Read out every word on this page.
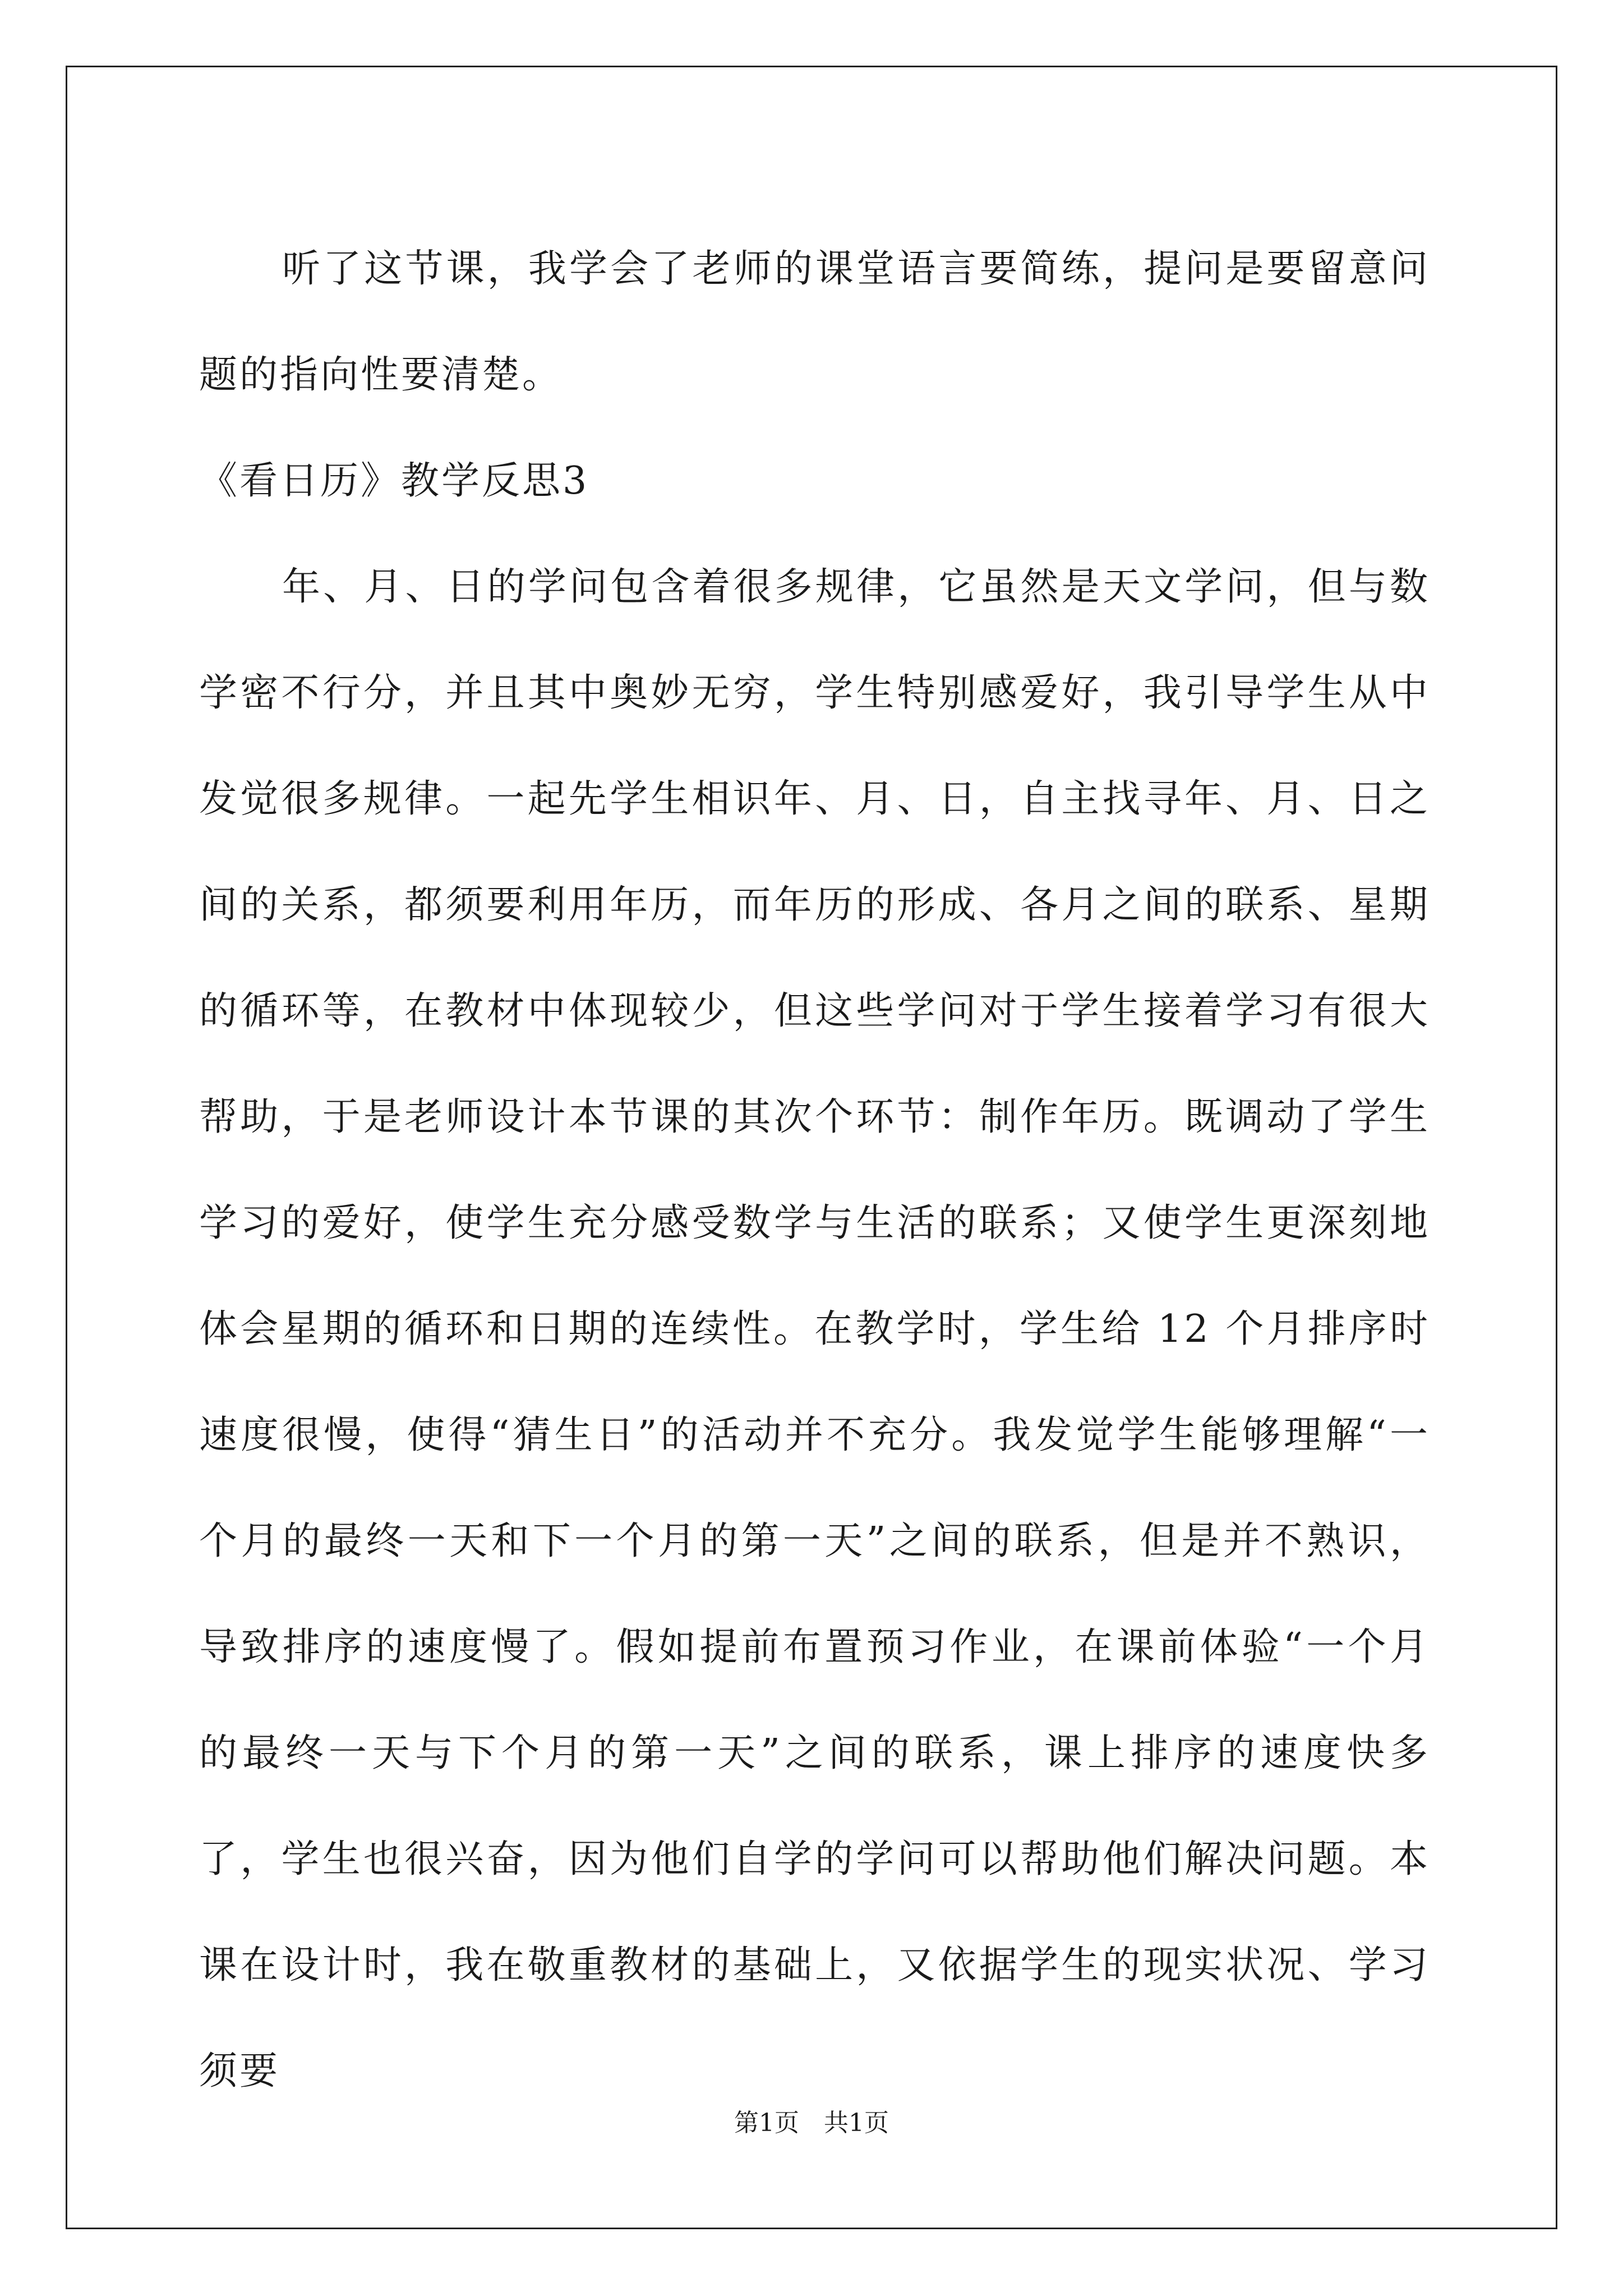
听了这节课，我学会了老师的课堂语言要简练，提问是要留意问题的指向性要清楚。

《看日历》教学反思3

年、月、日的学问包含着很多规律，它虽然是天文学问，但与数学密不行分，并且其中奥妙无穷，学生特别感爱好，我引导学生从中发觉很多规律。一起先学生相识年、月、日，自主找寻年、月、日之间的关系，都须要利用年历，而年历的形成、各月之间的联系、星期的循环等，在教材中体现较少，但这些学问对于学生接着学习有很大帮助，于是老师设计本节课的其次个环节：制作年历。既调动了学生学习的爱好，使学生充分感受数学与生活的联系；又使学生更深刻地体会星期的循环和日期的连续性。在教学时，学生给 12 个月排序时速度很慢，使得“猜生日”的活动并不充分。我发觉学生能够理解“一个月的最终一天和下一个月的第一天”之间的联系，但是并不熟识，导致排序的速度慢了。假如提前布置预习作业，在课前体验“一个月的最终一天与下个月的第一天”之间的联系，课上排序的速度快多了，学生也很兴奋，因为他们自学的学问可以帮助他们解决问题。本课在设计时，我在敬重教材的基础上，又依据学生的现实状况、学习须要

第1页 共1页
